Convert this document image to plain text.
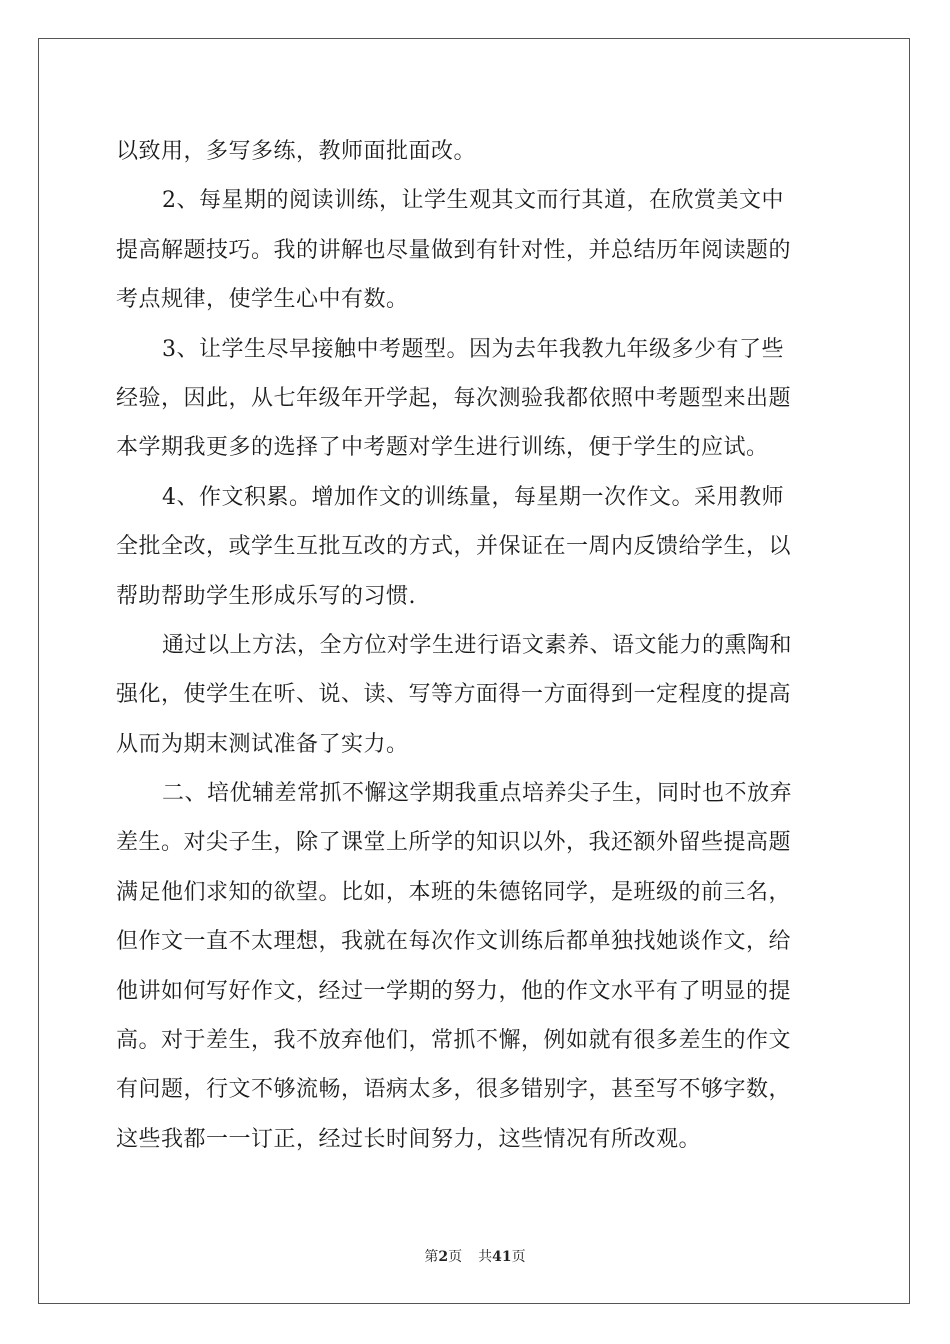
以致用，多写多练，教师面批面改。
2、每星期的阅读训练，让学生观其文而行其道，在欣赏美文中
提高解题技巧。我的讲解也尽量做到有针对性，并总结历年阅读题的
考点规律，使学生心中有数。
3、让学生尽早接触中考题型。因为去年我教九年级多少有了些
经验，因此，从七年级年开学起，每次测验我都依照中考题型来出题
本学期我更多的选择了中考题对学生进行训练，便于学生的应试。
4、作文积累。增加作文的训练量，每星期一次作文。采用教师
全批全改，或学生互批互改的方式，并保证在一周内反馈给学生，以
帮助帮助学生形成乐写的习惯.
通过以上方法，全方位对学生进行语文素养、语文能力的熏陶和
强化，使学生在听、说、读、写等方面得一方面得到一定程度的提高
从而为期末测试准备了实力。
二、培优辅差常抓不懈这学期我重点培养尖子生，同时也不放弃
差生。对尖子生，除了课堂上所学的知识以外，我还额外留些提高题
满足他们求知的欲望。比如，本班的朱德铭同学，是班级的前三名，
但作文一直不太理想，我就在每次作文训练后都单独找她谈作文，给
他讲如何写好作文，经过一学期的努力，他的作文水平有了明显的提
高。对于差生，我不放弃他们，常抓不懈，例如就有很多差生的作文
有问题，行文不够流畅，语病太多，很多错别字，甚至写不够字数，
这些我都一一订正，经过长时间努力，这些情况有所改观。
第2页 共41页
